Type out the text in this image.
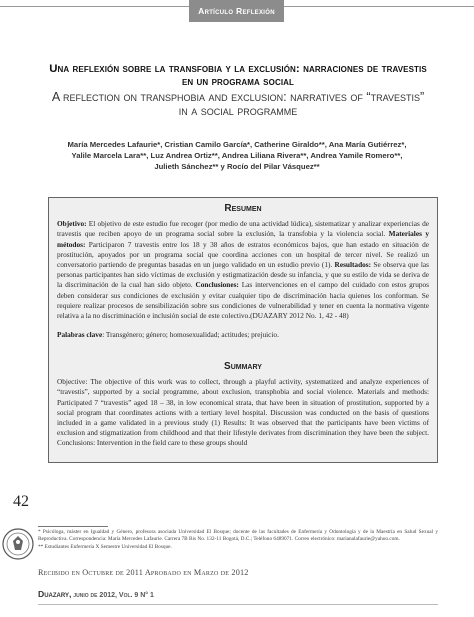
Artículo Reflexión
Una reflexión sobre la transfobia y la exclusión: narraciones de travestis en un programa social
A reflection on transphobia and exclusion: narratives of “travestis” in a social programme
María Mercedes Lafaurie*, Cristian Camilo García*, Catherine Giraldo**, Ana María Gutiérrez*,
Yalile Marcela Lara**, Luz Andrea Ortiz**, Andrea Liliana Rivera**, Andrea Yamile Romero**,
Julieth Sánchez** y Rocío del Pilar Vásquez**
Resumen

Objetivo: El objetivo de este estudio fue recoger (por medio de una actividad lúdica), sistematizar y analizar experiencias de travestis que reciben apoyo de un programa social sobre la exclusión, la transfobia y la violencia social. Materiales y métodos: Participaron 7 travestis entre los 18 y 38 años de estratos económicos bajos, que han estado en situación de prostitución, apoyados por un programa social que coordina acciones con un hospital de tercer nivel. Se realizó un conversatorio partiendo de preguntas basadas en un juego validado en un estudio previo (1). Resultados: Se observa que las personas participantes han sido víctimas de exclusión y estigmatización desde su infancia, y que su estilo de vida se deriva de la discriminación de la cual han sido objeto. Conclusiones: Las intervenciones en el campo del cuidado con estos grupos deben considerar sus condiciones de exclusión y evitar cualquier tipo de discriminación hacia quienes los conforman. Se requiere realizar procesos de sensibilización sobre sus condiciones de vulnerabilidad y tener en cuenta la normativa vigente relativa a la no discriminación e inclusión social de este colectivo.(DUAZARY 2012 No. 1, 42 - 48)

Palabras clave: Transgénero; género; homosexualidad; actitudes; prejuicio.

Summary

Objective: The objective of this work was to collect, through a playful activity, systematized and analyze experiences of “travestis”, supported by a social programme, about exclusion, transphobia and social violence. Materials and methods: Participated 7 “travestis” aged 18 – 38, in low economical strata, that have been in situation of prostitution, supported by a social program that coordinates actions with a tertiary level hospital. Discussion was conducted on the basis of questions included in a game validated in a previous study (1) Results: It was observed that the participants have been victims of exclusion and stigmatization from childhood and that their lifestyle derivates from discrimination they have been the subject. Conclusions: Intervention in the field care to these groups should

42
* Psicóloga, máster en Igualdad y Género, profesora asociada Universidad El Bosque; docente de las facultades de Enfermería y Odontología y de la Maestría en Salud Sexual y Reproductiva. Correspondencia: María Mercedes Lafaurie. Carrera 7B Bis No. 132-11 Bogotá, D.C.; Teléfono 6489071. Correo electrónico: marianalafaurie@yahoo.com.
** Estudiantes Enfermería X Semestre Universidad El Bosque.
Recibido en Octubre de 2011 Aprobado en Marzo de 2012
Duazary, junio de 2012, Vol. 9 N° 1
